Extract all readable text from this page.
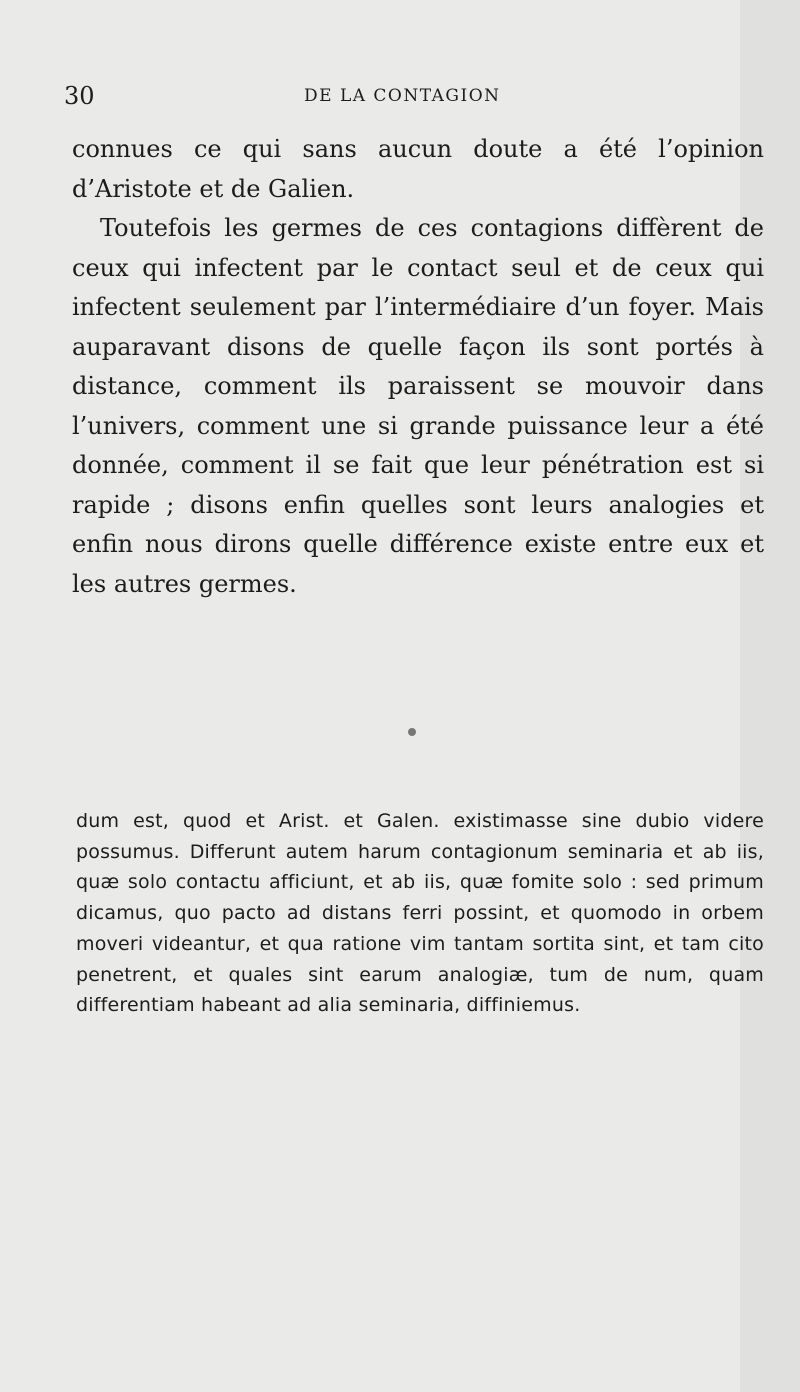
30	DE LA CONTAGION

connues ce qui sans aucun doute a été l’opinion d’Aristote et de Galien.

Toutefois les germes de ces contagions diffèrent de ceux qui infectent par le contact seul et de ceux qui infectent seulement par l’intermédiaire d’un foyer. Mais auparavant disons de quelle façon ils sont portés à distance, comment ils paraissent se mouvoir dans l’univers, comment une si grande puissance leur a été donnée, comment il se fait que leur pénétration est si rapide ; disons enfin quelles sont leurs analogies et enfin nous dirons quelle différence existe entre eux et les autres germes.

dum est, quod et Arist. et Galen. existimasse sine dubio videre possumus. Differunt autem harum contagionum seminaria et ab iis, quæ solo contactu afficiunt, et ab iis, quæ fomite solo : sed primum dicamus, quo pacto ad distans ferri possint, et quomodo in orbem moveri videantur, et qua ratione vim tantam sortita sint, et tam cito penetrent, et quales sint earum analogiæ, tum de num, quam differentiam habeant ad alia seminaria, diffiniemus.
